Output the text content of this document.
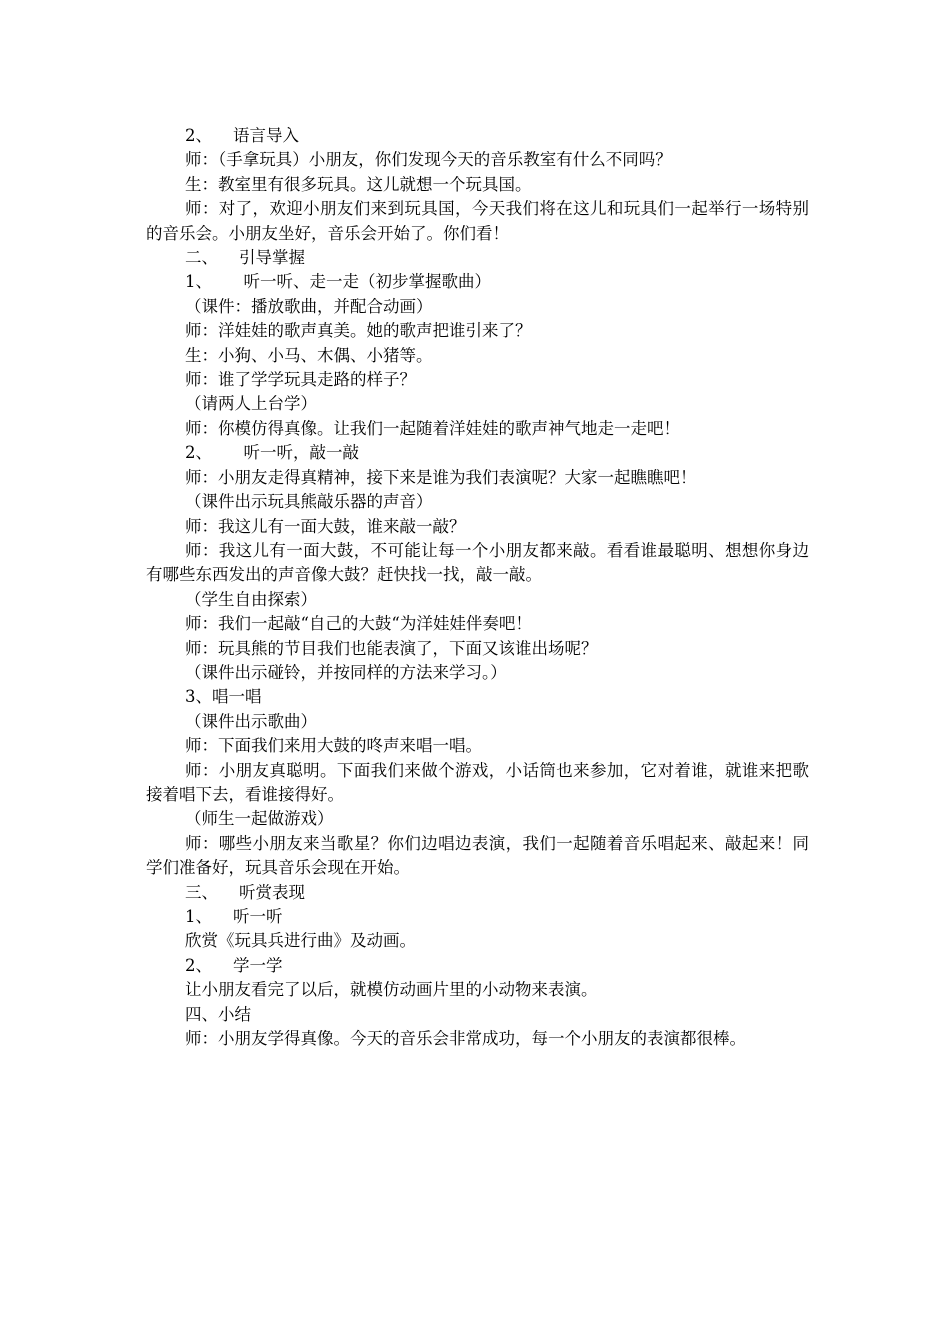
2、    语言导入

师：（手拿玩具）小朋友，你们发现今天的音乐教室有什么不同吗？

生：教室里有很多玩具。这儿就想一个玩具国。

师：对了，欢迎小朋友们来到玩具国，今天我们将在这儿和玩具们一起举行一场特别的音乐会。小朋友坐好，音乐会开始了。你们看！

二、    引导掌握

1、      听一听、走一走（初步掌握歌曲）

（课件：播放歌曲，并配合动画）

师：洋娃娃的歌声真美。她的歌声把谁引来了？

生：小狗、小马、木偶、小猪等。

师：谁了学学玩具走路的样子？

（请两人上台学）

师：你模仿得真像。让我们一起随着洋娃娃的歌声神气地走一走吧！

2、      听一听，敲一敲

师：小朋友走得真精神，接下来是谁为我们表演呢？大家一起瞧瞧吧！

（课件出示玩具熊敲乐器的声音）

师：我这儿有一面大鼓，谁来敲一敲？

师：我这儿有一面大鼓，不可能让每一个小朋友都来敲。看看谁最聪明、想想你身边有哪些东西发出的声音像大鼓？赶快找一找，敲一敲。

（学生自由探索）

师：我们一起敲“自己的大鼓“为洋娃娃伴奏吧！

师：玩具熊的节目我们也能表演了，下面又该谁出场呢？

（课件出示碰铃，并按同样的方法来学习。）

3、唱一唱

（课件出示歌曲）

师：下面我们来用大鼓的咚声来唱一唱。

师：小朋友真聪明。下面我们来做个游戏，小话筒也来参加，它对着谁，就谁来把歌接着唱下去，看谁接得好。

（师生一起做游戏）

师：哪些小朋友来当歌星？你们边唱边表演，我们一起随着音乐唱起来、敲起来！同学们准备好，玩具音乐会现在开始。

三、    听赏表现

1、    听一听

欣赏《玩具兵进行曲》及动画。

2、    学一学

让小朋友看完了以后，就模仿动画片里的小动物来表演。

四、小结

师：小朋友学得真像。今天的音乐会非常成功，每一个小朋友的表演都很棒。
